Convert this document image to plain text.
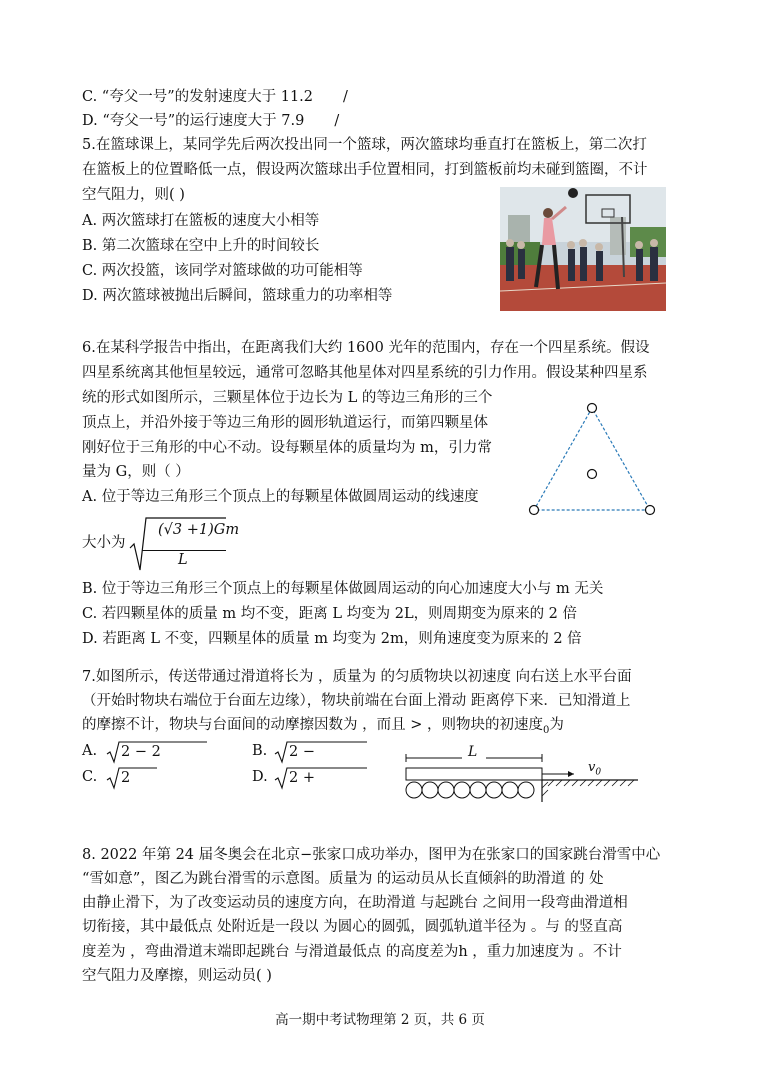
C. “夸父一号”的发射速度大于 11.2 /
D. “夸父一号”的运行速度大于 7.9 /
5.在篮球课上，某同学先后两次投出同一个篮球，两次篮球均垂直打在篮板上，第二次打
在篮板上的位置略低一点，假设两次篮球出手位置相同，打到篮板前均未碰到篮圈，不计
空气阻力，则( )
A. 两次篮球打在篮板的速度大小相等
B. 第二次篮球在空中上升的时间较长
C. 两次投篮，该同学对篮球做的功可能相等
D. 两次篮球被抛出后瞬间，篮球重力的功率相等
6.在某科学报告中指出，在距离我们大约 1600 光年的范围内，存在一个四星系统。假设
四星系统离其他恒星较远，通常可忽略其他星体对四星系统的引力作用。假设某种四星系
统的形式如图所示，三颗星体位于边长为 L 的等边三角形的三个
顶点上，并沿外接于等边三角形的圆形轨道运行，而第四颗星体
刚好位于三角形的中心不动。设每颗星体的质量均为 m，引力常
量为 G，则（ ）
A. 位于等边三角形三个顶点上的每颗星体做圆周运动的线速度
大小为
(√3 +1)Gm
L
B. 位于等边三角形三个顶点上的每颗星体做圆周运动的向心加速度大小与 m 无关
C. 若四颗星体的质量 m 均不变，距离 L 均变为 2L，则周期变为原来的 2 倍
D. 若距离 L 不变，四颗星体的质量 m 均变为 2m，则角速度变为原来的 2 倍
7.如图所示，传送带通过滑道将长为 ，质量为 的匀质物块以初速度 向右送上水平台面
（开始时物块右端位于台面左边缘），物块前端在台面上滑动 距离停下来．已知滑道上
的摩擦不计，物块与台面间的动摩擦因数为 ，而且 > ，则物块的初速度$_0$为
A. 2 − 2	B. 2 −
C. 2	D. 2 +
L
$v_0$
8. 2022 年第 24 届冬奥会在北京−张家口成功举办，图甲为在张家口的国家跳台滑雪中心
“雪如意”，图乙为跳台滑雪的示意图。质量为 的运动员从长直倾斜的助滑道 的 处
由静止滑下，为了改变运动员的速度方向，在助滑道 与起跳台 之间用一段弯曲滑道相
切衔接，其中最低点 处附近是一段以 为圆心的圆弧，圆弧轨道半径为 。与 的竖直高
度差为 ，弯曲滑道末端即起跳台 与滑道最低点 的高度差为h ，重力加速度为 。不计
空气阻力及摩擦，则运动员( )
高一期中考试物理第 2 页，共 6 页
